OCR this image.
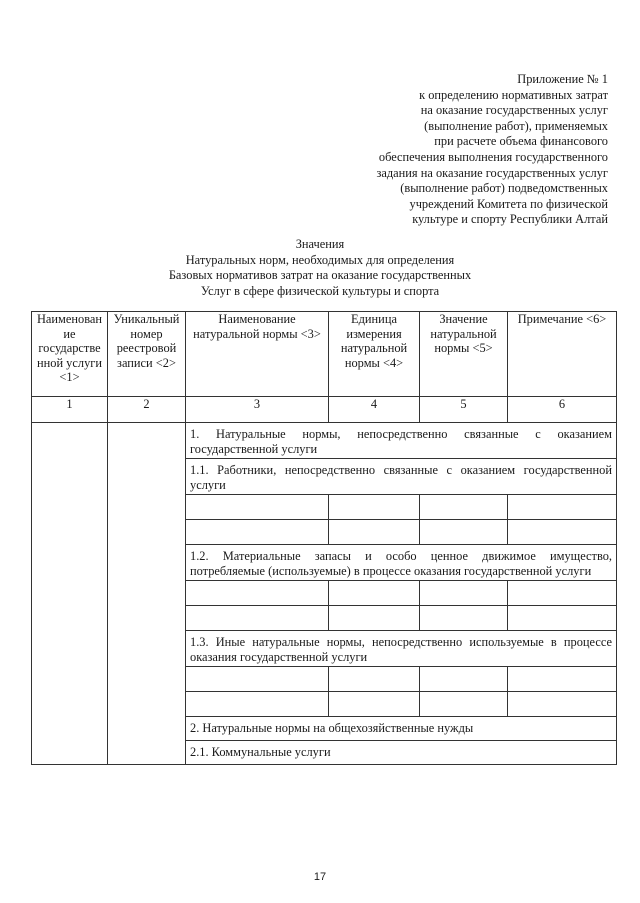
Приложение № 1
к определению нормативных затрат
на оказание государственных услуг
(выполнение работ), применяемых
при расчете объема финансового
обеспечения выполнения государственного
задания на оказание государственных услуг
(выполнение работ) подведомственных
учреждений Комитета по физической
культуре и спорту Республики Алтай
Значения
Натуральных норм, необходимых для определения
Базовых нормативов затрат на оказание государственных
Услуг в сфере физической культуры и спорта
Наименован ие государстве нной услуги <1>	Уникальный номер реестровой записи <2>	Наименование натуральной нормы <3>	Единица измерения натуральной нормы <4>	Значение натуральной нормы <5>	Примечание <6>

1	2	3	4	5	6
		1. Натуральные нормы, непосредственно связанные с оказанием государственной услуги			
		1.1. Работники, непосредственно связанные с оказанием государственной услуги			

		1.2. Материальные запасы и особо ценное движимое имущество, потребляемые (используемые) в процессе оказания государственной услуги			

		1.3. Иные натуральные нормы, непосредственно используемые в процессе оказания государственной услуги			

		2. Натуральные нормы на общехозяйственные нужды			
		2.1. Коммунальные услуги			
17
